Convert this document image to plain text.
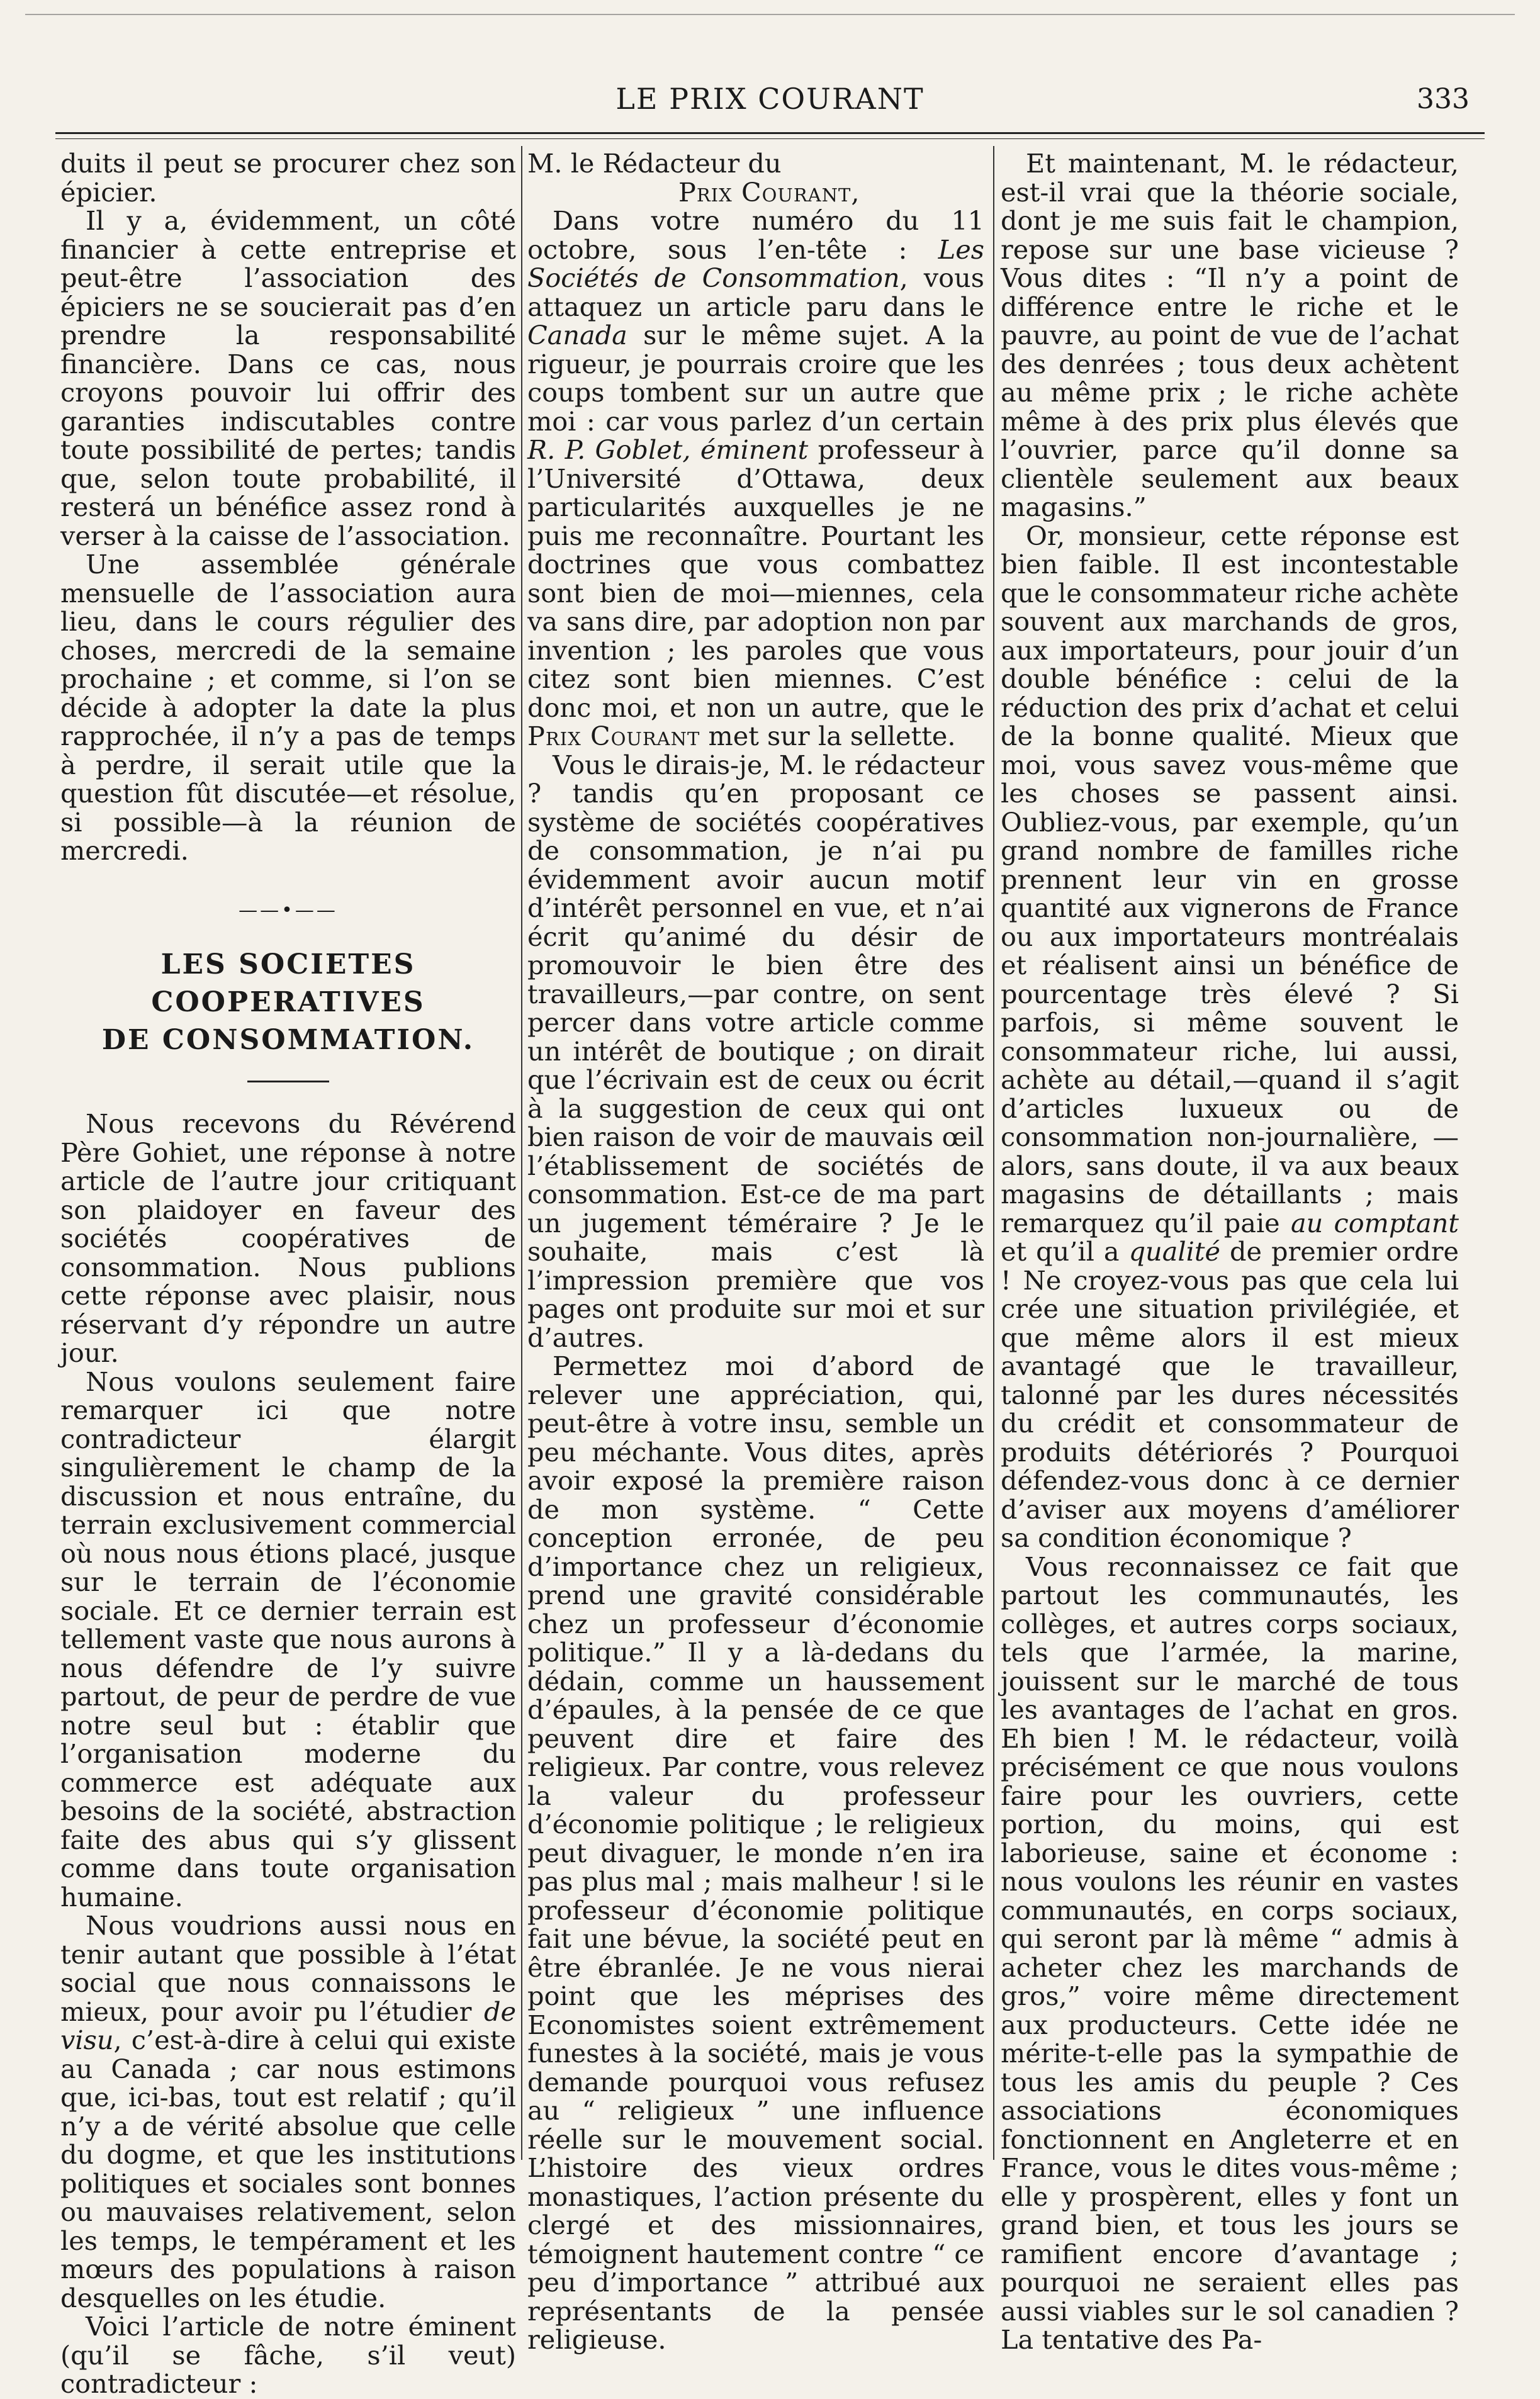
LE PRIX COURANT	333

duits il peut se procurer chez son épicier.

Il y a, évidemment, un côté financier à cette entreprise et peut-être l’association des épiciers ne se soucierait pas d’en prendre la responsabilité financière. Dans ce cas, nous croyons pouvoir lui offrir des garanties indiscutables contre toute possibilité de pertes; tandis que, selon toute probabilité, il resterá un bénéfice assez rond à verser à la caisse de l’association.

Une assemblée générale mensuelle de l’association aura lieu, dans le cours régulier des choses, mercredi de la semaine prochaine ; et comme, si l’on se décide à adopter la date la plus rapprochée, il n’y a pas de temps à perdre, il serait utile que la question fût discutée—et résolue, si possible—à la réunion de mercredi.

——•——

LES SOCIETES COOPERATIVES

DE CONSOMMATION.

Nous recevons du Révérend Père Gohiet, une réponse à notre article de l’autre jour critiquant son plaidoyer en faveur des sociétés coopératives de consommation. Nous publions cette réponse avec plaisir, nous réservant d’y répondre un autre jour.

Nous voulons seulement faire remarquer ici que notre contradicteur élargit singulièrement le champ de la discussion et nous entraîne, du terrain exclusivement commercial où nous nous étions placé, jusque sur le terrain de l’économie sociale. Et ce dernier terrain est tellement vaste que nous aurons à nous défendre de l’y suivre partout, de peur de perdre de vue notre seul but : établir que l’organisation moderne du commerce est adéquate aux besoins de la société, abstraction faite des abus qui s’y glissent comme dans toute organisation humaine.

Nous voudrions aussi nous en tenir autant que possible à l’état social que nous connaissons le mieux, pour avoir pu l’étudier de visu, c’est-à-dire à celui qui existe au Canada ; car nous estimons que, ici-bas, tout est relatif ; qu’il n’y a de vérité absolue que celle du dogme, et que les institutions politiques et sociales sont bonnes ou mauvaises relativement, selon les temps, le tempérament et les mœurs des populations à raison desquelles on les étudie.

Voici l’article de notre éminent (qu’il se fâche, s’il veut) contradicteur :

M. le Rédacteur du

Prix Courant,

Dans votre numéro du 11 octobre, sous l’en-tête : Les Sociétés de Consommation, vous attaquez un article paru dans le Canada sur le même sujet. A la rigueur, je pourrais croire que les coups tombent sur un autre que moi : car vous parlez d’un certain R. P. Goblet, éminent professeur à l’Université d’Ottawa, deux particularités auxquelles je ne puis me reconnaître. Pourtant les doctrines que vous combattez sont bien de moi—miennes, cela va sans dire, par adoption non par invention ; les paroles que vous citez sont bien miennes. C’est donc moi, et non un autre, que le Prix Courant met sur la sellette.

Vous le dirais-je, M. le rédacteur ? tandis qu’en proposant ce système de sociétés coopératives de consommation, je n’ai pu évidemment avoir aucun motif d’intérêt personnel en vue, et n’ai écrit qu’animé du désir de promouvoir le bien être des travailleurs,—par contre, on sent percer dans votre article comme un intérêt de boutique ; on dirait que l’écrivain est de ceux ou écrit à la suggestion de ceux qui ont bien raison de voir de mauvais œil l’établissement de sociétés de consommation. Est-ce de ma part un jugement téméraire ? Je le souhaite, mais c’est là l’impression première que vos pages ont produite sur moi et sur d’autres.

Permettez moi d’abord de relever une appréciation, qui, peut-être à votre insu, semble un peu méchante. Vous dites, après avoir exposé la première raison de mon système. “ Cette conception erronée, de peu d’importance chez un religieux, prend une gravité considérable chez un professeur d’économie politique.” Il y a là-dedans du dédain, comme un haussement d’épaules, à la pensée de ce que peuvent dire et faire des religieux. Par contre, vous relevez la valeur du professeur d’économie politique ; le religieux peut divaguer, le monde n’en ira pas plus mal ; mais malheur ! si le professeur d’économie politique fait une bévue, la société peut en être ébranlée. Je ne vous nierai point que les méprises des Economistes soient extrêmement funestes à la société, mais je vous demande pourquoi vous refusez au “ religieux ” une influence réelle sur le mouvement social. L’histoire des vieux ordres monastiques, l’action présente du clergé et des missionnaires, témoignent hautement contre “ ce peu d’importance ” attribué aux représentants de la pensée religieuse.

Et maintenant, M. le rédacteur, est-il vrai que la théorie sociale, dont je me suis fait le champion, repose sur une base vicieuse ? Vous dites : “Il n’y a point de différence entre le riche et le pauvre, au point de vue de l’achat des denrées ; tous deux achètent au même prix ; le riche achète même à des prix plus élevés que l’ouvrier, parce qu’il donne sa clientèle seulement aux beaux magasins.”

Or, monsieur, cette réponse est bien faible. Il est incontestable que le consommateur riche achète souvent aux marchands de gros, aux importateurs, pour jouir d’un double bénéfice : celui de la réduction des prix d’achat et celui de la bonne qualité. Mieux que moi, vous savez vous-même que les choses se passent ainsi. Oubliez-vous, par exemple, qu’un grand nombre de familles riche prennent leur vin en grosse quantité aux vignerons de France ou aux importateurs montréalais et réalisent ainsi un bénéfice de pourcentage très élevé ? Si parfois, si même souvent le consommateur riche, lui aussi, achète au détail,—quand il s’agit d’articles luxueux ou de consommation non-journalière, — alors, sans doute, il va aux beaux magasins de détaillants ; mais remarquez qu’il paie au comptant et qu’il a qualité de premier ordre ! Ne croyez-vous pas que cela lui crée une situation privilégiée, et que même alors il est mieux avantagé que le travailleur, talonné par les dures nécessités du crédit et consommateur de produits détériorés ? Pourquoi défendez-vous donc à ce dernier d’aviser aux moyens d’améliorer sa condition économique ?

Vous reconnaissez ce fait que partout les communautés, les collèges, et autres corps sociaux, tels que l’armée, la marine, jouissent sur le marché de tous les avantages de l’achat en gros. Eh bien ! M. le rédacteur, voilà précisément ce que nous voulons faire pour les ouvriers, cette portion, du moins, qui est laborieuse, saine et économe : nous voulons les réunir en vastes communautés, en corps sociaux, qui seront par là même “ admis à acheter chez les marchands de gros,” voire même directement aux producteurs. Cette idée ne mérite-t-elle pas la sympathie de tous les amis du peuple ? Ces associations économiques fonctionnent en Angleterre et en France, vous le dites vous-même ; elle y prospèrent, elles y font un grand bien, et tous les jours se ramifient encore d’avantage ; pourquoi ne seraient elles pas aussi viables sur le sol canadien ? La tentative des Pa-
